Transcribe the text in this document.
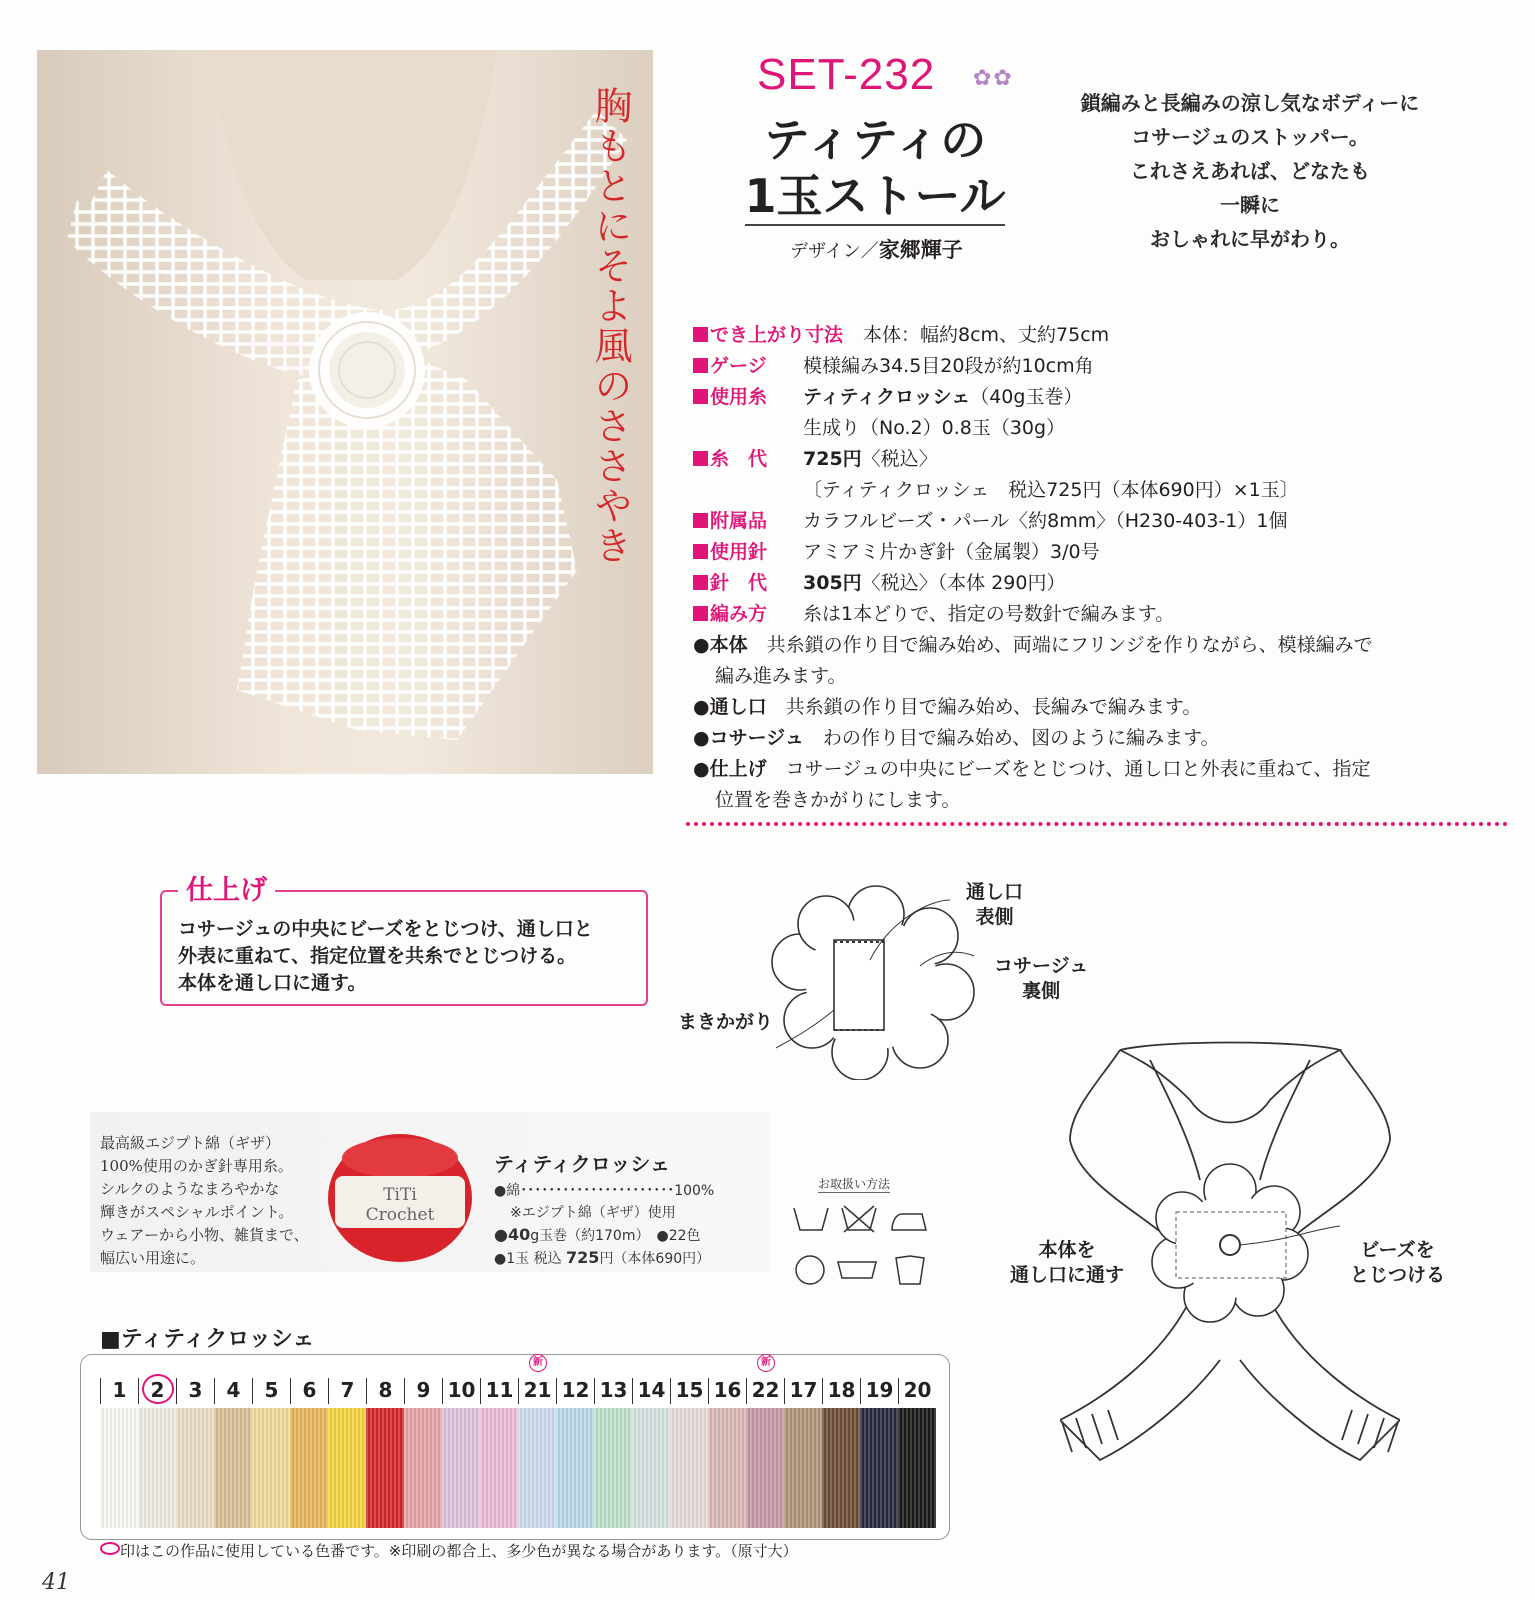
胸もとにそよ風のささやき
SET-232 ✿✿
ティティの
1玉ストール
デザイン／家郷輝子
鎖編みと長編みの涼し気なボディーに
コサージュのストッパー。
これさえあれば、どなたも
一瞬に
おしゃれに早がわり。
でき上がり寸法	本体：幅約8cm、丈約75cm
ゲージ	模様編み34.5目20段が約10cm角
使用糸	ティティクロッシェ（40g玉巻）
生成り（No.2）0.8玉（30g）
糸　代	725円〈税込〉
〔ティティクロッシェ　税込725円（本体690円）×1玉〕
附属品	カラフルビーズ・パール〈約8mm〉（H230-403-1）1個
使用針	アミアミ片かぎ針（金属製）3/0号
針　代	305円〈税込〉（本体 290円）
編み方	糸は1本どりで、指定の号数針で編みます。
●本体　 共糸鎖の作り目で編み始め、両端にフリンジを作りながら、模様編みで
編み進みます。
●通し口　 共糸鎖の作り目で編み始め、長編みで編みます。
●コサージュ　 わの作り目で編み始め、図のように編みます。
●仕上げ　 コサージュの中央にビーズをとじつけ、通し口と外表に重ねて、指定
位置を巻きかがりにします。
仕上げ
コサージュの中央にビーズをとじつけ、通し口と
外表に重ねて、指定位置を共糸でとじつける。
本体を通し口に通す。
通し口
表側
コサージュ
裏側
まきかがり
本体を
通し口に通す
ビーズを
とじつける
最高級エジプト綿（ギザ）
100%使用のかぎ針専用糸。
シルクのようなまろやかな
輝きがスペシャルポイント。
ウェアーから小物、雑貨まで、
幅広い用途に。
TiTi
Crochet
ティティクロッシェ
●綿･･････････････････････100%
※エジプト綿（ギザ）使用
●40g玉巻（約170m）　●22色
●1玉 税込 725円（本体690円）
お取扱い方法
■ティティクロッシェ
1	2	3	4	5	6	7	8	9 10 11 21
新
12 13 14 15 16 22
新
17 18 19 20
印はこの作品に使用している色番です。※印刷の都合上、多少色が異なる場合があります。（原寸大）
41
